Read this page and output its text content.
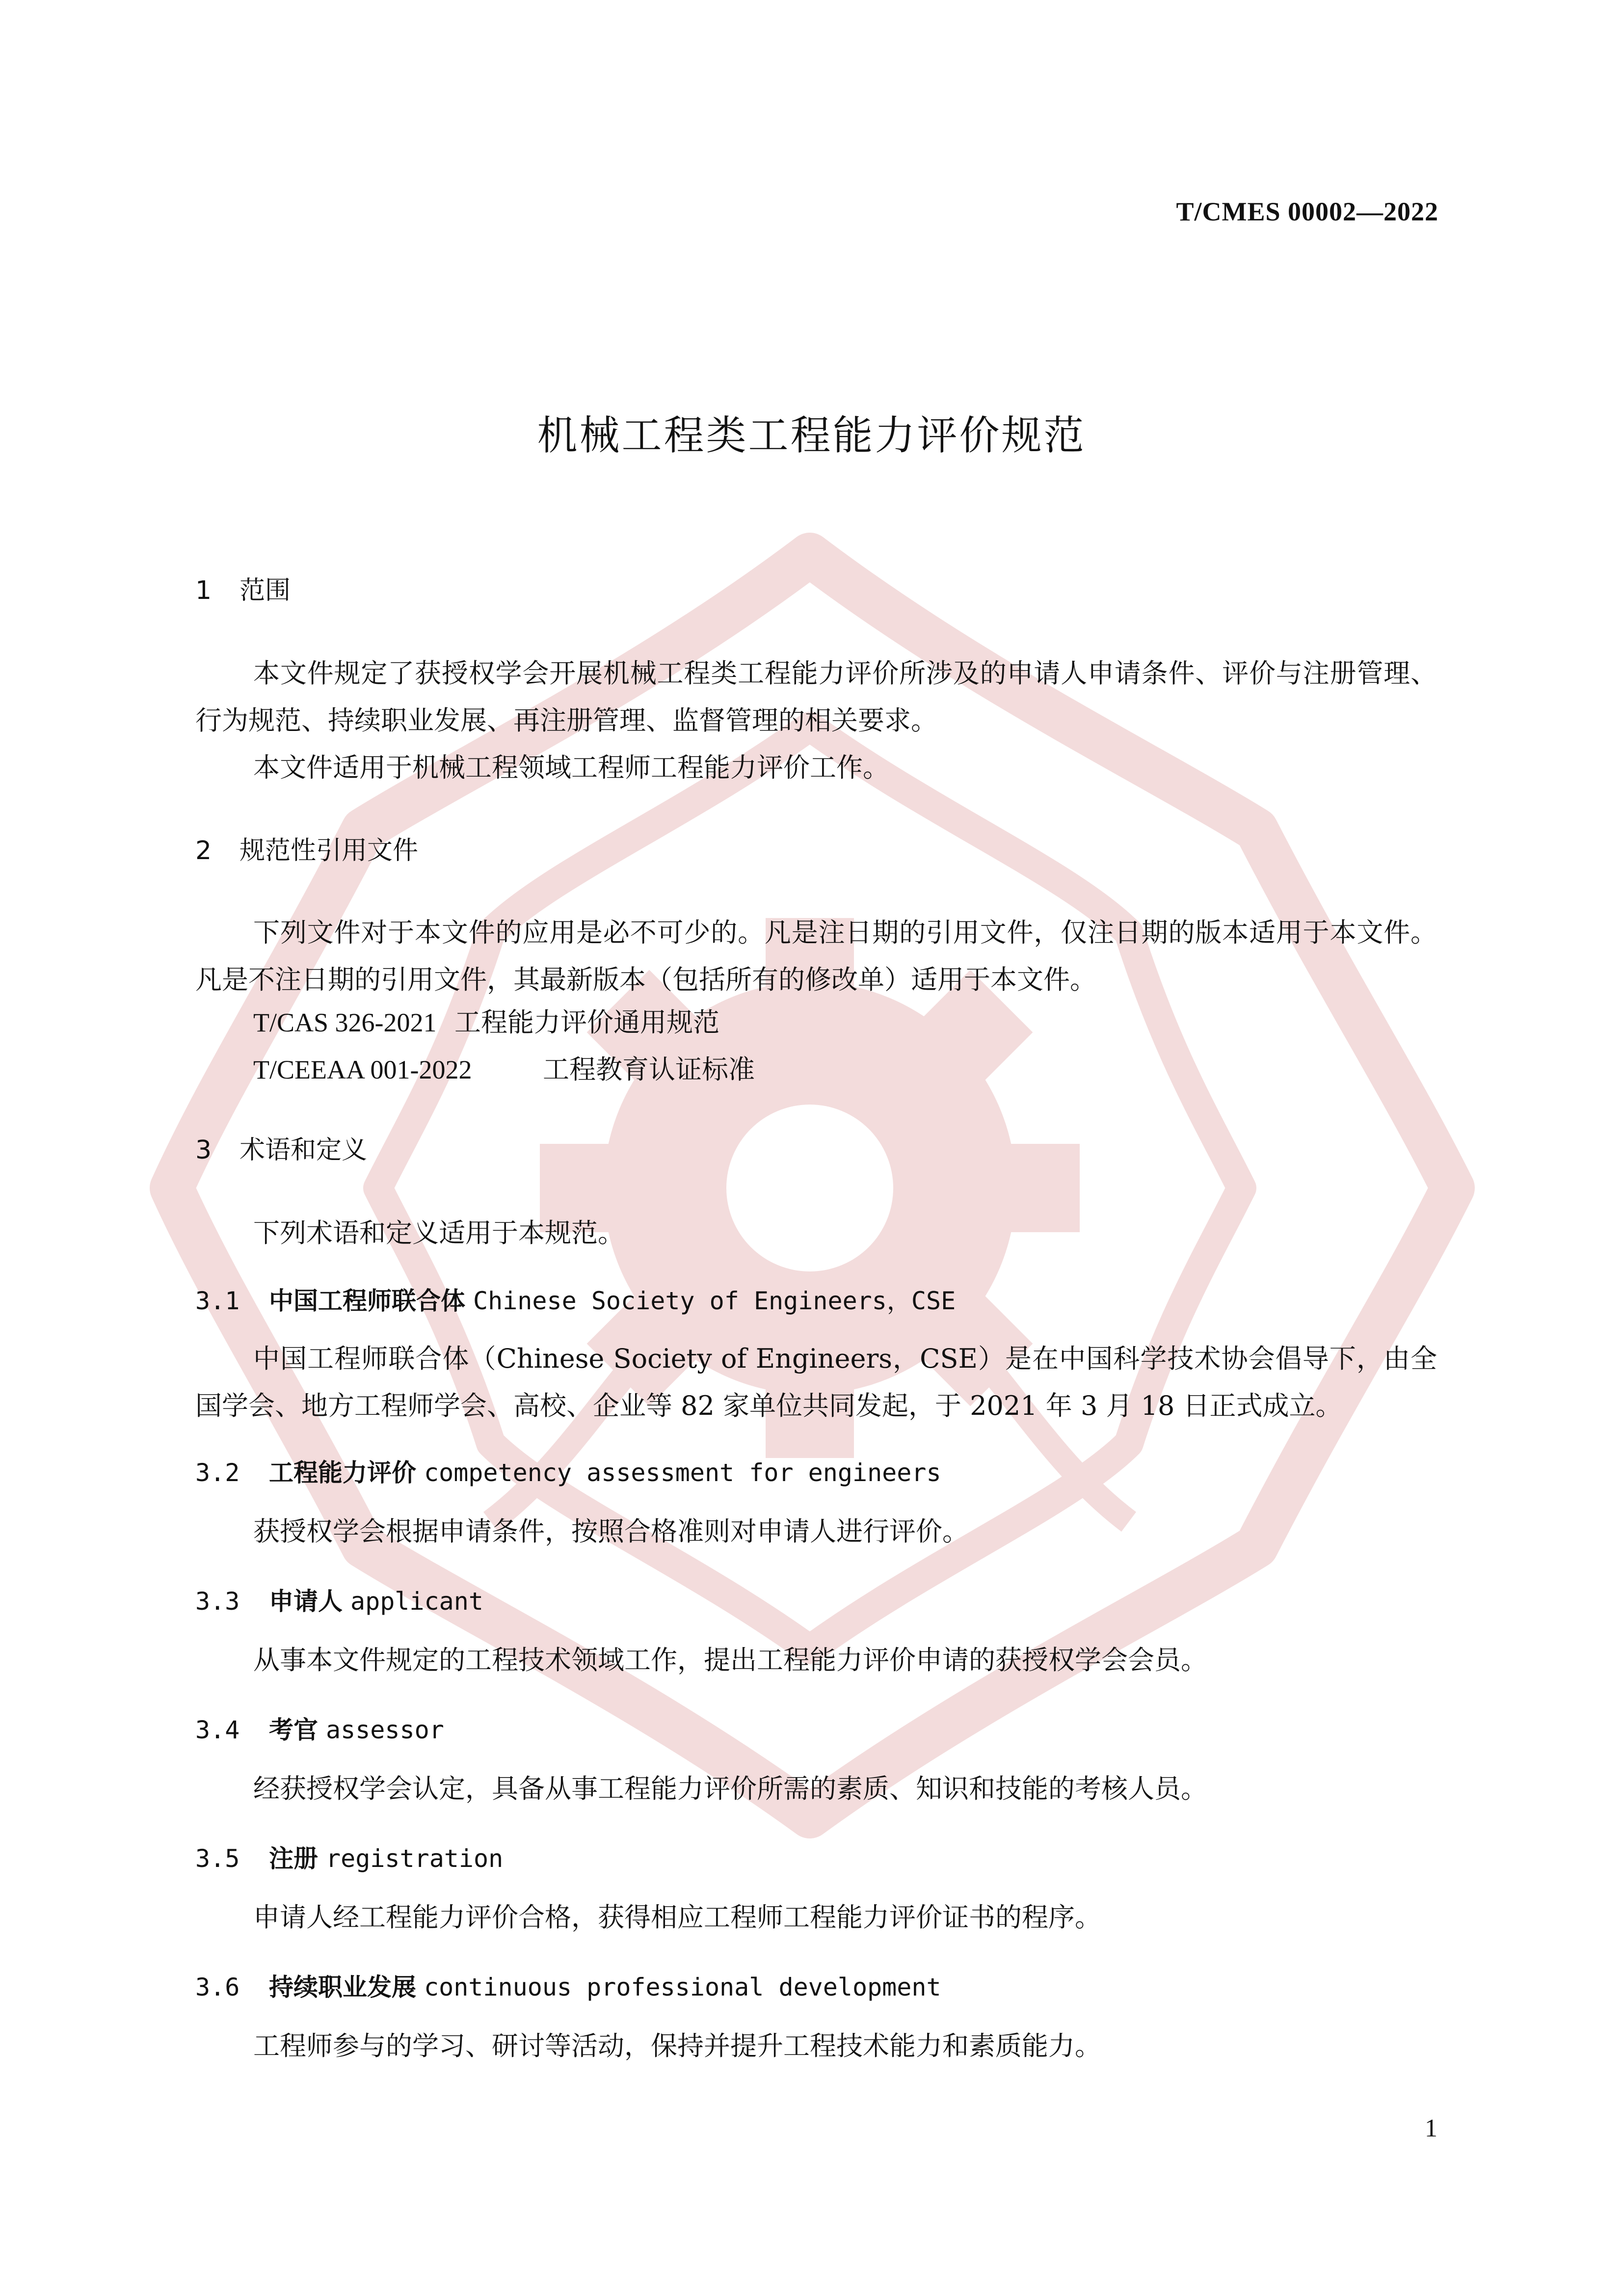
T/CMES 00002—2022
机械工程类工程能力评价规范
1 范围
本文件规定了获授权学会开展机械工程类工程能力评价所涉及的申请人申请条件、评价与注册管理、行为规范、持续职业发展、再注册管理、监督管理的相关要求。
本文件适用于机械工程领域工程师工程能力评价工作。
2 规范性引用文件
下列文件对于本文件的应用是必不可少的。凡是注日期的引用文件，仅注日期的版本适用于本文件。凡是不注日期的引用文件，其最新版本（包括所有的修改单）适用于本文件。
T/CAS 326-2021 工程能力评价通用规范
T/CEEAA 001-2022	工程教育认证标准
3 术语和定义
下列术语和定义适用于本规范。
3.1 中国工程师联合体 Chinese Society of Engineers，CSE
中国工程师联合体（Chinese Society of Engineers，CSE）是在中国科学技术协会倡导下，由全国学会、地方工程师学会、高校、企业等 82 家单位共同发起，于 2021 年 3 月 18 日正式成立。
3.2 工程能力评价 competency assessment for engineers
获授权学会根据申请条件，按照合格准则对申请人进行评价。
3.3 申请人 applicant
从事本文件规定的工程技术领域工作，提出工程能力评价申请的获授权学会会员。
3.4 考官 assessor
经获授权学会认定，具备从事工程能力评价所需的素质、知识和技能的考核人员。
3.5 注册 registration
申请人经工程能力评价合格，获得相应工程师工程能力评价证书的程序。
3.6 持续职业发展 continuous professional development
工程师参与的学习、研讨等活动，保持并提升工程技术能力和素质能力。
1
